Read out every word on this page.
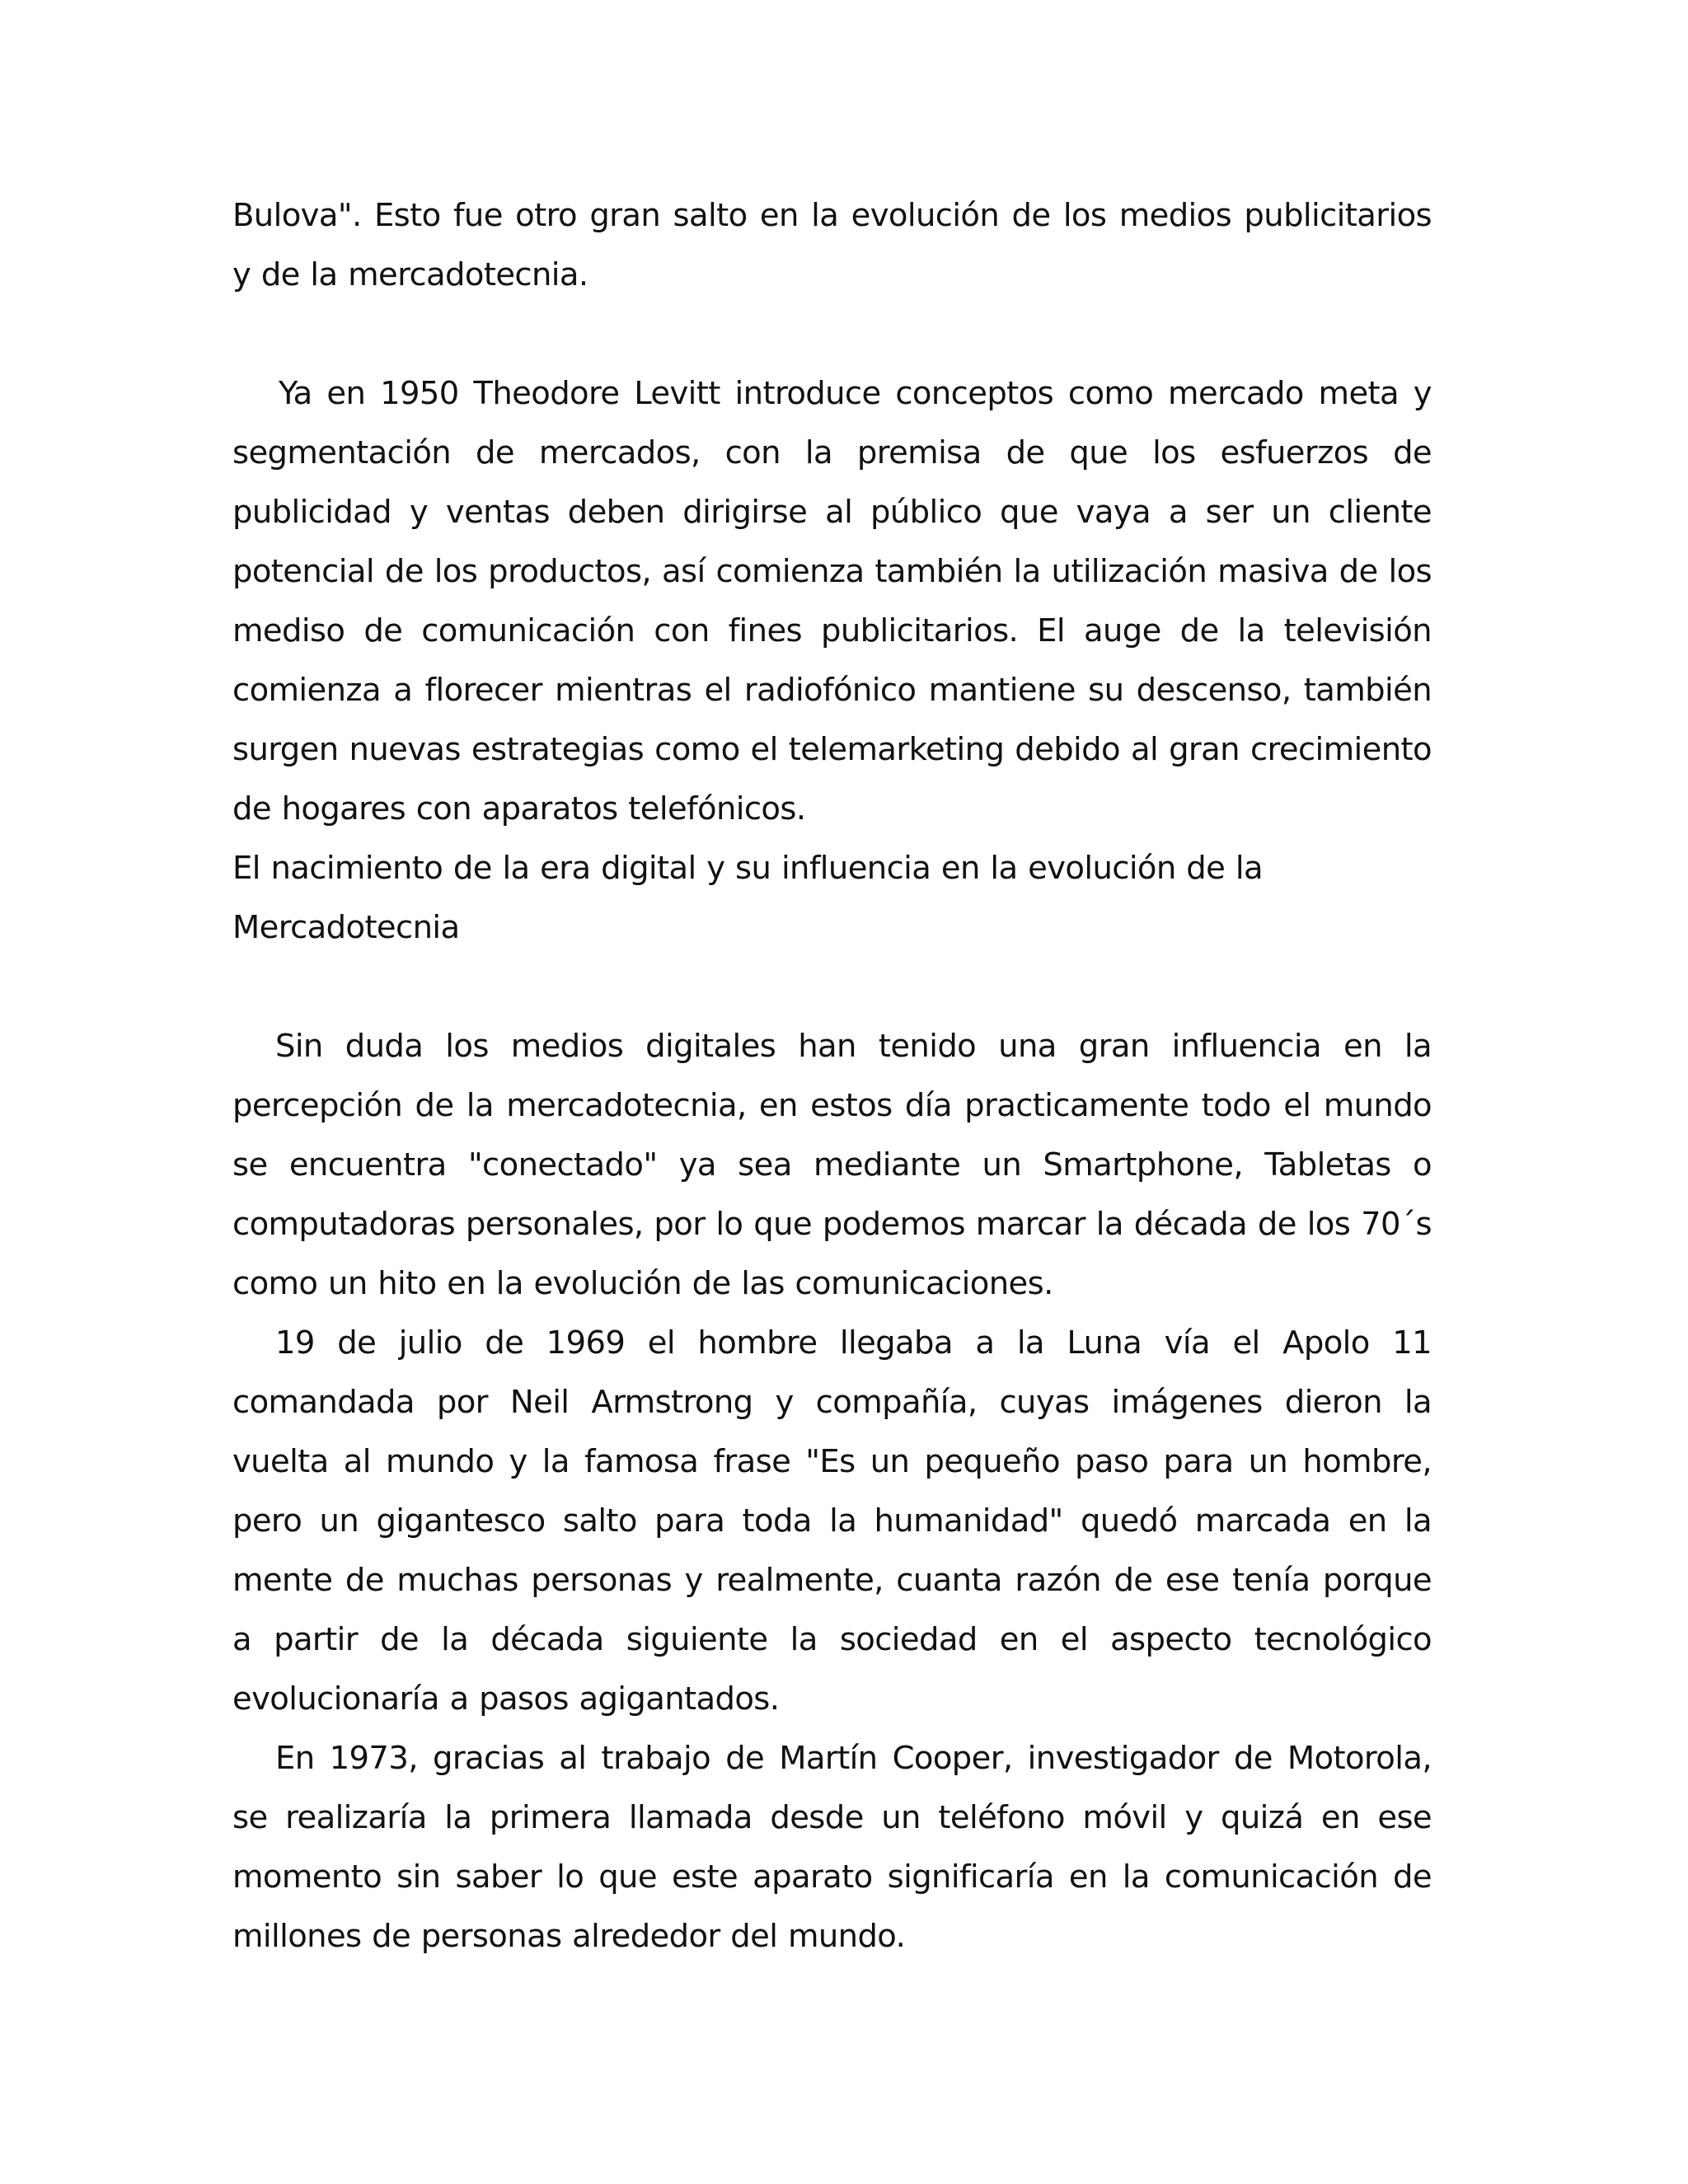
Bulova". Esto fue otro gran salto en la evolución de los medios publicitarios y de la mercadotecnia.

Ya en 1950 Theodore Levitt introduce conceptos como mercado meta y segmentación de mercados, con la premisa de que los esfuerzos de publicidad y ventas deben dirigirse al público que vaya a ser un cliente potencial de los productos, así comienza también la utilización masiva de los mediso de comunicación con fines publicitarios. El auge de la televisión comienza a florecer mientras el radiofónico mantiene su descenso, también surgen nuevas estrategias como el telemarketing debido al gran crecimiento de hogares con aparatos telefónicos.

El nacimiento de la era digital y su influencia en la evolución de la Mercadotecnia

Sin duda los medios digitales han tenido una gran influencia en la percepción de la mercadotecnia, en estos día practicamente todo el mundo se encuentra "conectado" ya sea mediante un Smartphone, Tabletas o computadoras personales, por lo que podemos marcar la década de los 70´s como un hito en la evolución de las comunicaciones.

19 de julio de 1969 el hombre llegaba a la Luna vía el Apolo 11 comandada por Neil Armstrong y compañía, cuyas imágenes dieron la vuelta al mundo y la famosa frase "Es un pequeño paso para un hombre, pero un gigantesco salto para toda la humanidad" quedó marcada en la mente de muchas personas y realmente, cuanta razón de ese tenía porque a partir de la década siguiente la sociedad en el aspecto tecnológico evolucionaría a pasos agigantados.

En 1973, gracias al trabajo de Martín Cooper, investigador de Motorola, se realizaría la primera llamada desde un teléfono móvil y quizá en ese momento sin saber lo que este aparato significaría en la comunicación de millones de personas alrededor del mundo.
